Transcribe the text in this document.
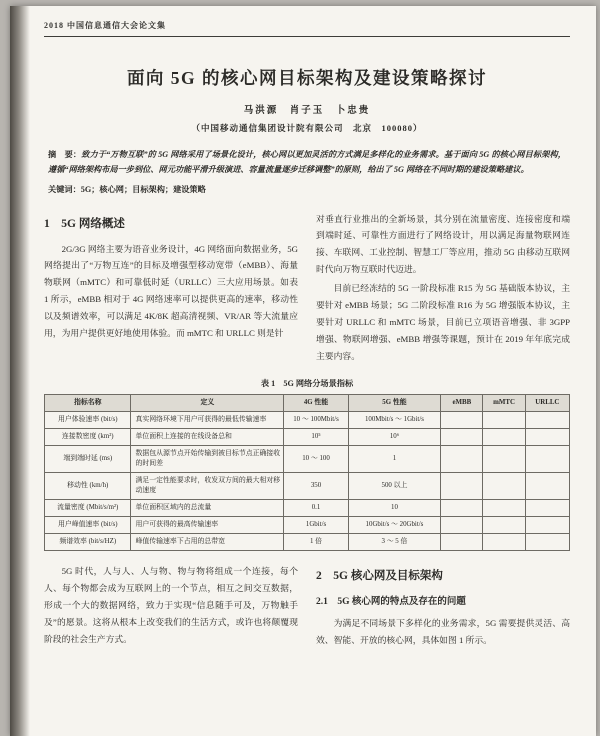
2018 中国信息通信大会论文集
面向 5G 的核心网目标架构及建设策略探讨
马洪源　肖子玉　卜忠贵
（中国移动通信集团设计院有限公司　北京　100080）
摘　要：致力于“万物互联”的 5G 网络采用了场景化设计，核心网以更加灵活的方式满足多样化的业务需求。基于面向 5G 的核心网目标架构，遵循“网络架构布局一步到位、网元功能平滑升级演进、容量流量逐步迁移调整”的原则，给出了 5G 网络在不同时期的建设策略建议。
关键词：5G；核心网；目标架构；建设策略
1　5G 网络概述

2G/3G 网络主要为语音业务设计，4G 网络面向数据业务，5G 网络提出了“万物互连”的目标及增强型移动宽带（eMBB）、海量物联网（mMTC）和可靠低时延（URLLC）三大应用场景。如表 1 所示，eMBB 相对于 4G 网络速率可以提供更高的速率，移动性以及频谱效率，可以满足 4K/8K 超高清视频、VR/AR 等大流量应用，为用户提供更好地使用体验。而 mMTC 和 URLLC 则是针

对垂直行业推出的全新场景，其分别在流量密度、连接密度和端到端时延、可靠性方面进行了网络设计，用以满足海量物联网连接、车联网、工业控制、智慧工厂等应用，推动 5G 由移动互联网时代向万物互联时代迈进。

目前已经冻结的 5G 一阶段标准 R15 为 5G 基础版本协议，主要针对 eMBB 场景；5G 二阶段标准 R16 为 5G 增强版本协议，主要针对 URLLC 和 mMTC 场景，目前已立项语音增强、非 3GPP 增强、物联网增强、eMBB 增强等课题，预计在 2019 年年底完成主要内容。

表 1　5G 网络分场景指标
指标名称	定义	4G 性能	5G 性能	eMBB	mMTC	URLLC
用户体验速率 (bit/s)	真实网络环境下用户可获得的最低传输速率	10 ～ 100Mbit/s	100Mbit/s ～ 1Gbit/s			
连接数密度 (km²)	单位面积上连接的在线设备总和	10⁵	10⁶			
端到端时延 (ms)	数据包从源节点开始传输到被目标节点正确接收的时间差	10 ～ 100	1			
移动性 (km/h)	满足一定性能要求时，收发双方间的最大相对移动速度	350	500 以上			
流量密度 (Mbit/s/m²)	单位面积区域内的总流量	0.1	10			
用户峰值速率 (bit/s)	用户可获得的最高传输速率	1Gbit/s	10Gbit/s ～ 20Gbit/s			
频谱效率 (bit/s/HZ)	峰值传输速率下占用的总带宽	1 倍	3 ～ 5 倍			

5G 时代，人与人、人与物、物与物将组成一个连接，每个人、每个物都会成为互联网上的一个节点，相互之间交互数据，形成一个大的数据网络，致力于实现“信息随手可及，万物触手及”的愿景。这将从根本上改变我们的生活方式，或许也将颠覆现阶段的社会生产方式。

2　5G 核心网及目标架构
2.1　5G 核心网的特点及存在的问题

为满足不同场景下多样化的业务需求，5G 需要提供灵活、高效、智能、开放的核心网，具体如图 1 所示。
